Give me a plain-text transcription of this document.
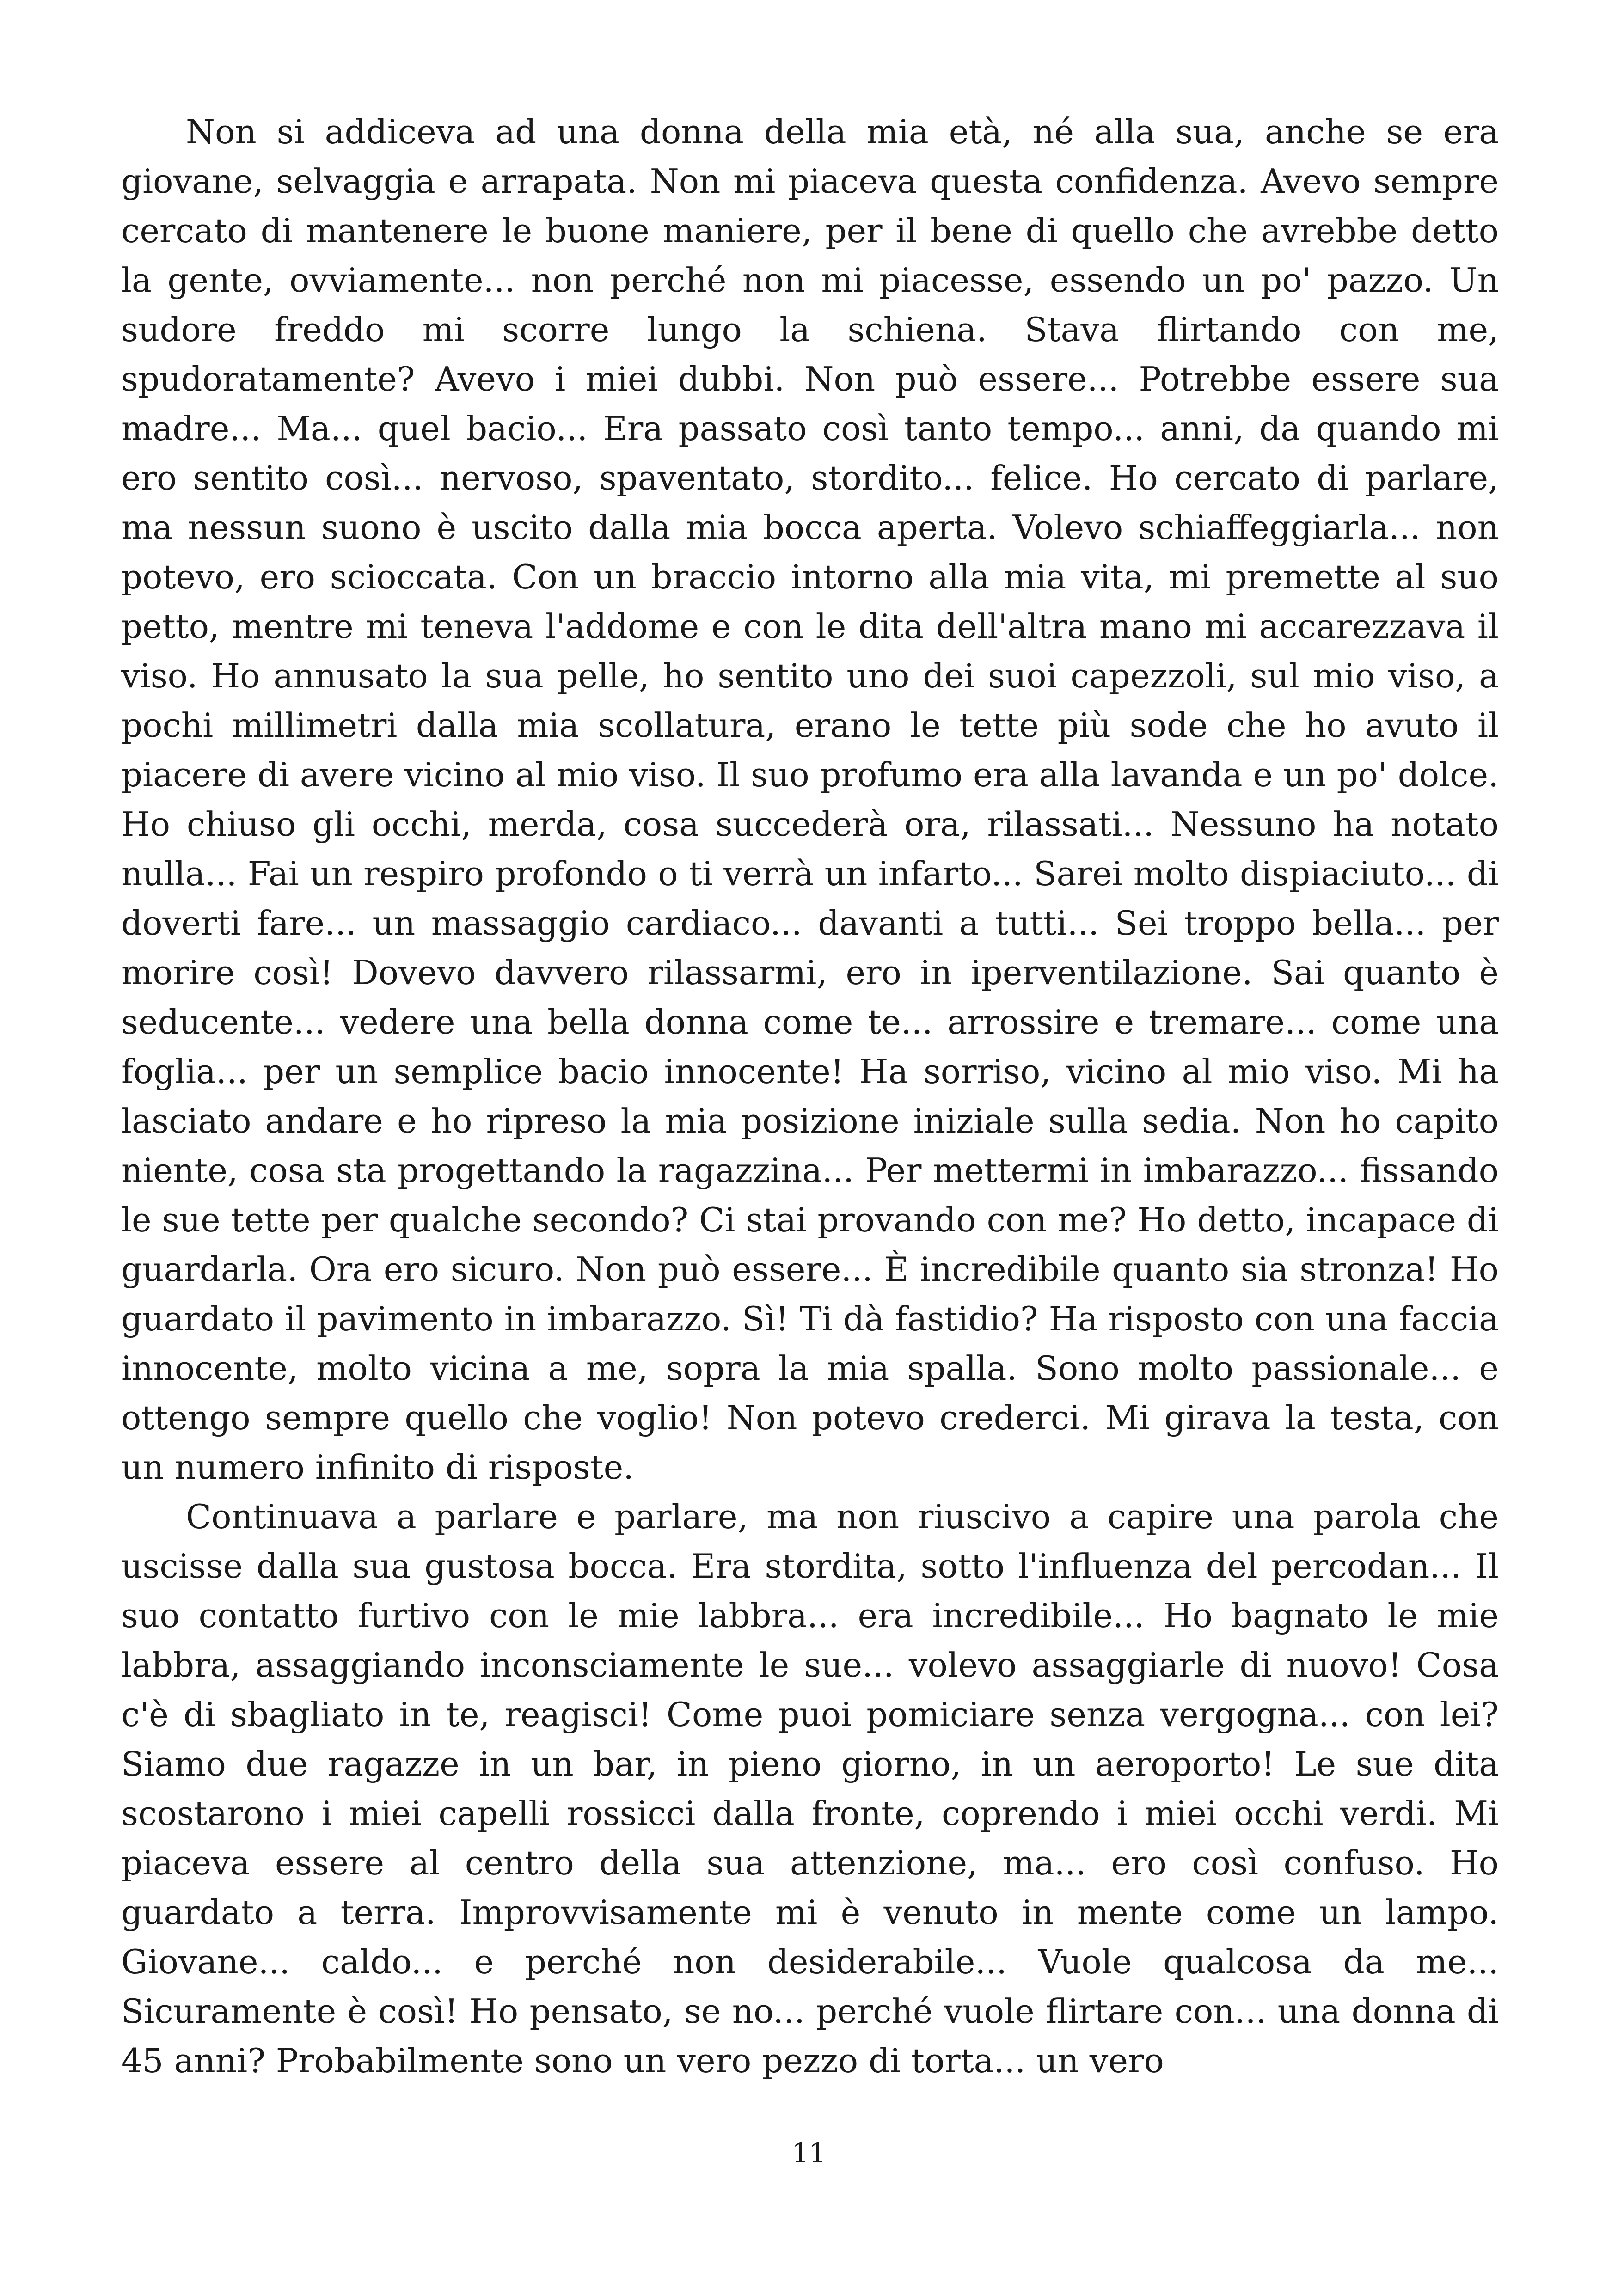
Non si addiceva ad una donna della mia età, né alla sua, anche se era giovane, selvaggia e arrapata. Non mi piaceva questa confidenza. Avevo sempre cercato di mantenere le buone maniere, per il bene di quello che avrebbe detto la gente, ovviamente... non perché non mi piacesse, essendo un po' pazzo. Un sudore freddo mi scorre lungo la schiena. Stava flirtando con me, spudoratamente? Avevo i miei dubbi. Non può essere... Potrebbe essere sua madre... Ma... quel bacio... Era passato così tanto tempo... anni, da quando mi ero sentito così... nervoso, spaventato, stordito... felice. Ho cercato di parlare, ma nessun suono è uscito dalla mia bocca aperta. Volevo schiaffeggiarla... non potevo, ero scioccata. Con un braccio intorno alla mia vita, mi premette al suo petto, mentre mi teneva l'addome e con le dita dell'altra mano mi accarezzava il viso. Ho annusato la sua pelle, ho sentito uno dei suoi capezzoli, sul mio viso, a pochi millimetri dalla mia scollatura, erano le tette più sode che ho avuto il piacere di avere vicino al mio viso. Il suo profumo era alla lavanda e un po' dolce. Ho chiuso gli occhi, merda, cosa succederà ora, rilassati... Nessuno ha notato nulla... Fai un respiro profondo o ti verrà un infarto... Sarei molto dispiaciuto... di doverti fare... un massaggio cardiaco... davanti a tutti... Sei troppo bella... per morire così! Dovevo davvero rilassarmi, ero in iperventilazione. Sai quanto è seducente... vedere una bella donna come te... arrossire e tremare... come una foglia... per un semplice bacio innocente! Ha sorriso, vicino al mio viso. Mi ha lasciato andare e ho ripreso la mia posizione iniziale sulla sedia. Non ho capito niente, cosa sta progettando la ragazzina... Per mettermi in imbarazzo... fissando le sue tette per qualche secondo? Ci stai provando con me? Ho detto, incapace di guardarla. Ora ero sicuro. Non può essere... È incredibile quanto sia stronza! Ho guardato il pavimento in imbarazzo. Sì! Ti dà fastidio? Ha risposto con una faccia innocente, molto vicina a me, sopra la mia spalla. Sono molto passionale... e ottengo sempre quello che voglio! Non potevo crederci. Mi girava la testa, con un numero infinito di risposte.

Continuava a parlare e parlare, ma non riuscivo a capire una parola che uscisse dalla sua gustosa bocca. Era stordita, sotto l'influenza del percodan... Il suo contatto furtivo con le mie labbra... era incredibile... Ho bagnato le mie labbra, assaggiando inconsciamente le sue... volevo assaggiarle di nuovo! Cosa c'è di sbagliato in te, reagisci! Come puoi pomiciare senza vergogna... con lei? Siamo due ragazze in un bar, in pieno giorno, in un aeroporto! Le sue dita scostarono i miei capelli rossicci dalla fronte, coprendo i miei occhi verdi. Mi piaceva essere al centro della sua attenzione, ma... ero così confuso. Ho guardato a terra. Improvvisamente mi è venuto in mente come un lampo. Giovane... caldo... e perché non desiderabile... Vuole qualcosa da me... Sicuramente è così! Ho pensato, se no... perché vuole flirtare con... una donna di 45 anni? Probabilmente sono un vero pezzo di torta... un vero

11
